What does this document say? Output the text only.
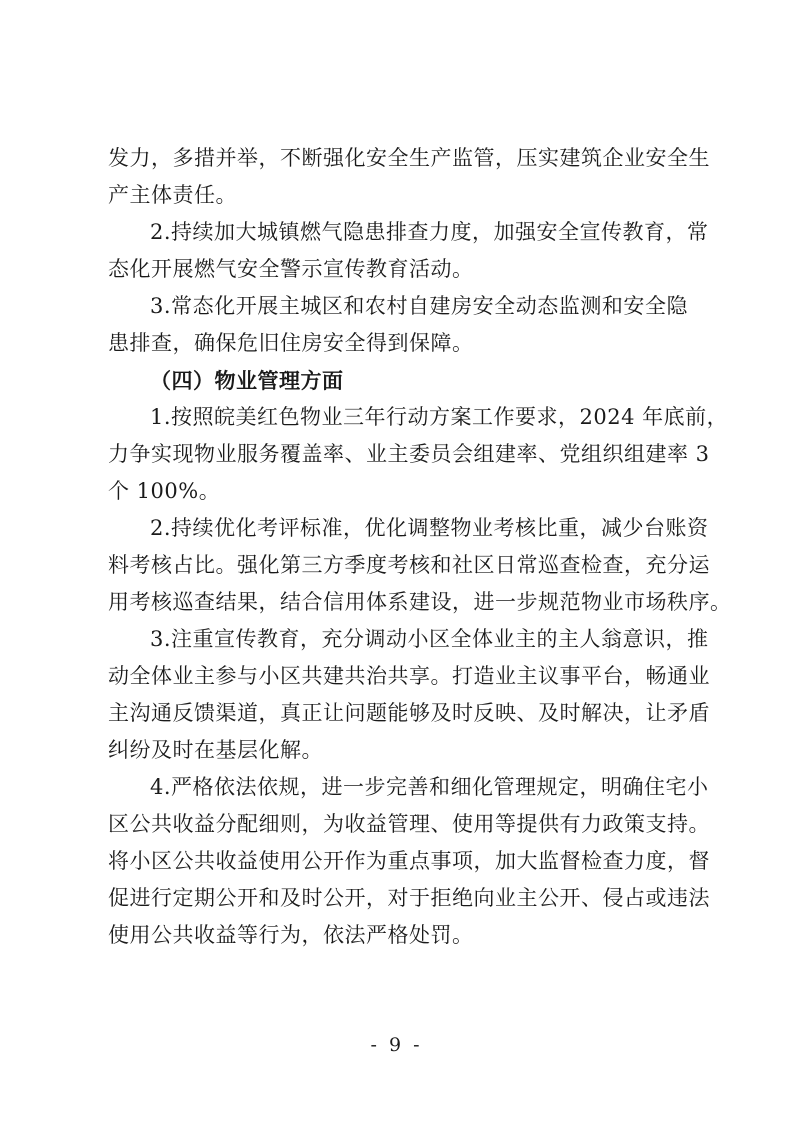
发力，多措并举，不断强化安全生产监管，压实建筑企业安全生
产主体责任。
2.持续加大城镇燃气隐患排查力度，加强安全宣传教育，常
态化开展燃气安全警示宣传教育活动。
3.常态化开展主城区和农村自建房安全动态监测和安全隐
患排查，确保危旧住房安全得到保障。
（四）物业管理方面
1.按照皖美红色物业三年行动方案工作要求，2024 年底前，
力争实现物业服务覆盖率、业主委员会组建率、党组织组建率 3
个 100%。
2.持续优化考评标准，优化调整物业考核比重，减少台账资
料考核占比。强化第三方季度考核和社区日常巡查检查，充分运
用考核巡查结果，结合信用体系建设，进一步规范物业市场秩序。
3.注重宣传教育，充分调动小区全体业主的主人翁意识，推
动全体业主参与小区共建共治共享。打造业主议事平台，畅通业
主沟通反馈渠道，真正让问题能够及时反映、及时解决，让矛盾
纠纷及时在基层化解。
4.严格依法依规，进一步完善和细化管理规定，明确住宅小
区公共收益分配细则，为收益管理、使用等提供有力政策支持。
将小区公共收益使用公开作为重点事项，加大监督检查力度，督
促进行定期公开和及时公开，对于拒绝向业主公开、侵占或违法
使用公共收益等行为，依法严格处罚。
- 9 -
